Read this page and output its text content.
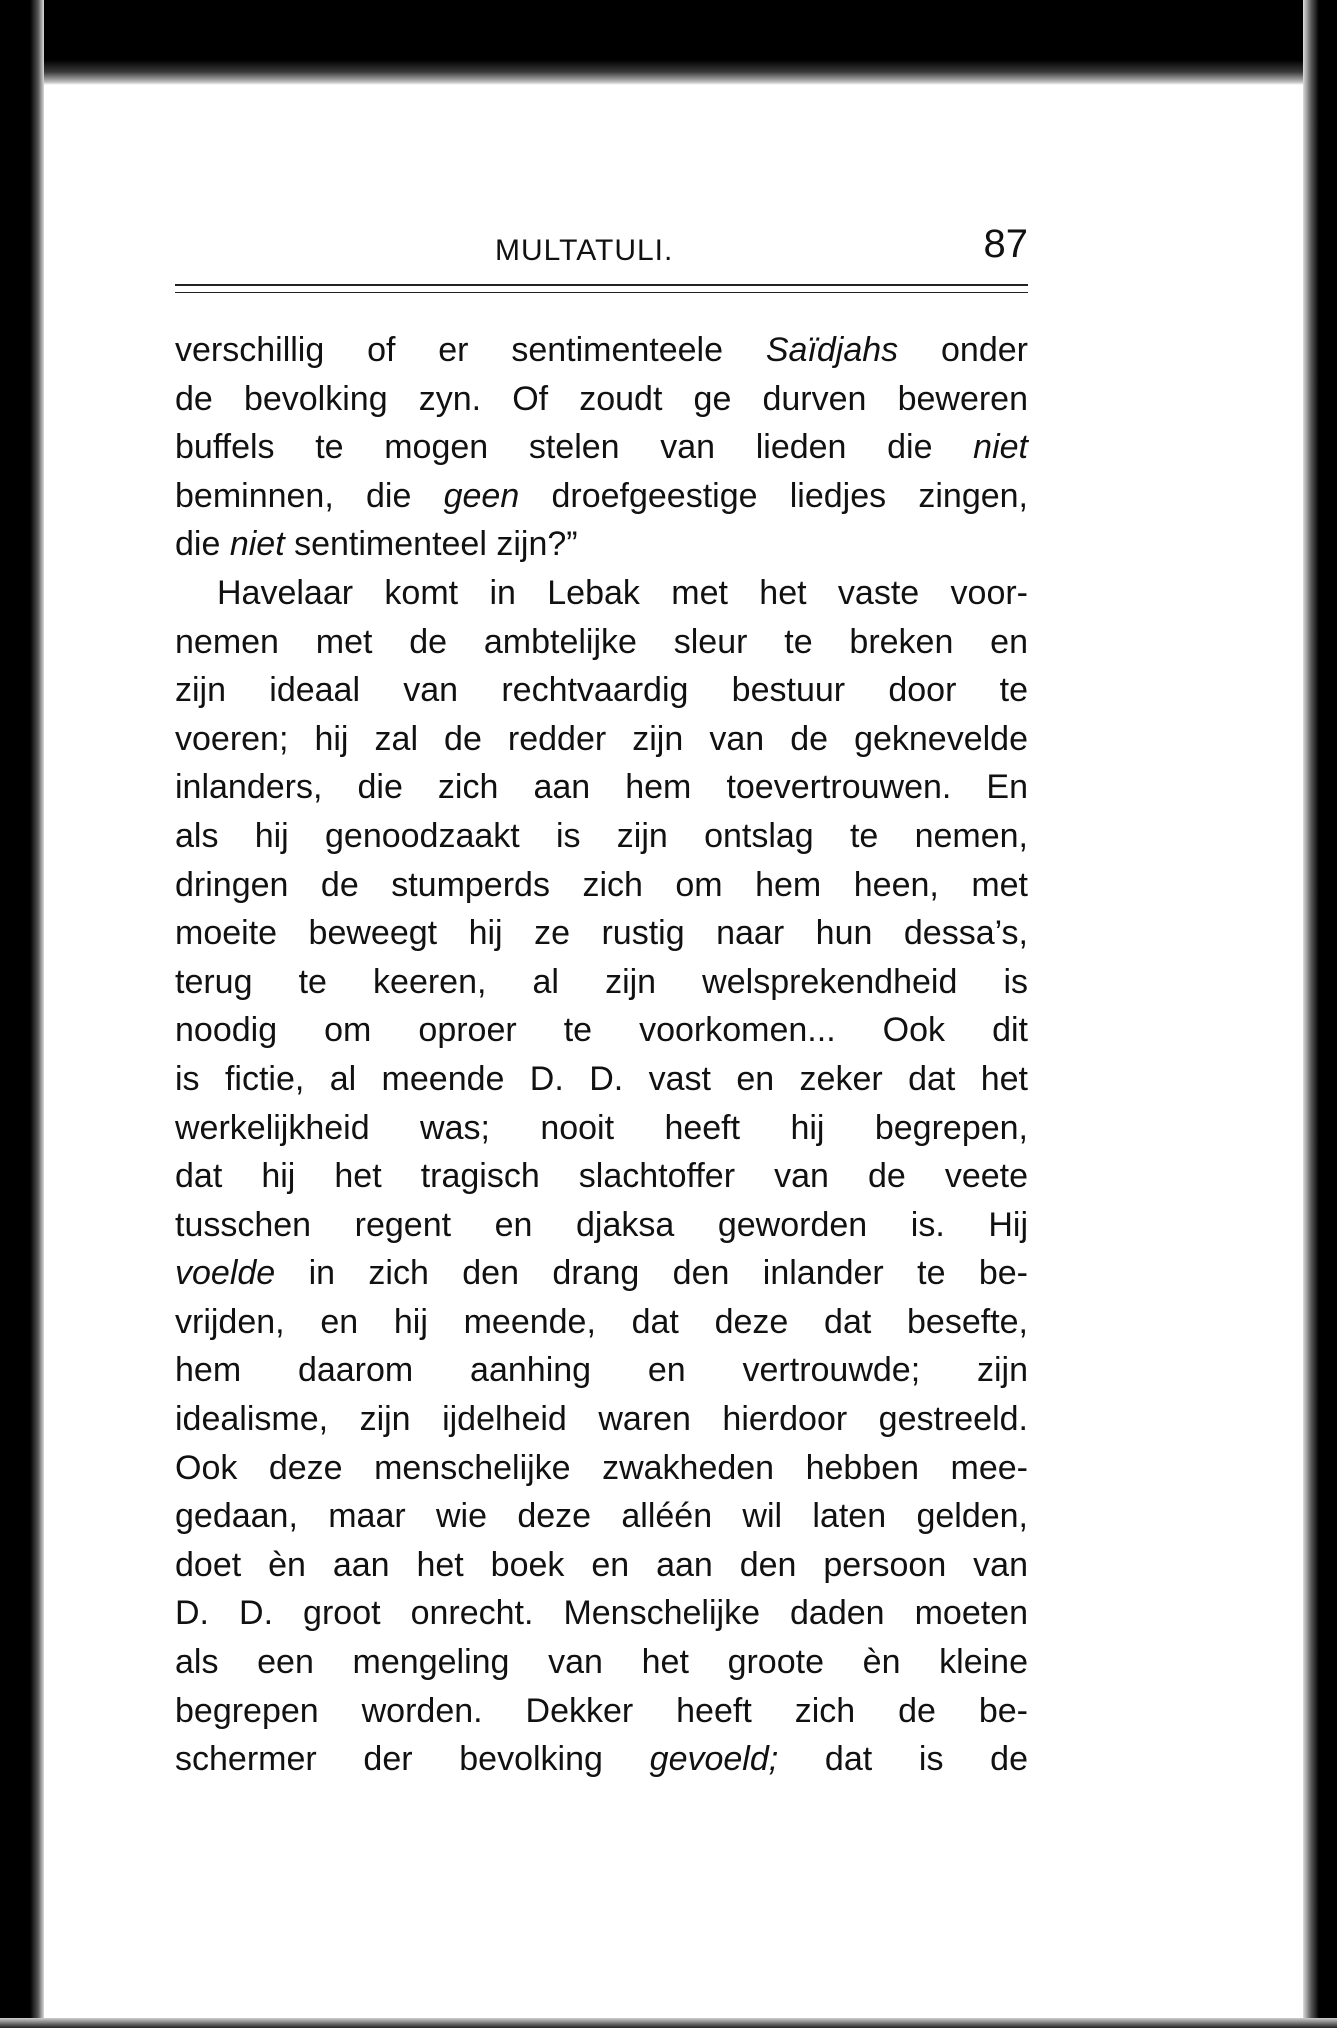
MULTATULI.	87
verschillig of er sentimenteele Saïdjahs onder
de bevolking zyn. Of zoudt ge durven beweren
buffels te mogen stelen van lieden die niet
beminnen, die geen droefgeestige liedjes zingen,
die niet sentimenteel zijn?”
Havelaar komt in Lebak met het vaste voor-
nemen met de ambtelijke sleur te breken en
zijn ideaal van rechtvaardig bestuur door te
voeren; hij zal de redder zijn van de geknevelde
inlanders, die zich aan hem toevertrouwen. En
als hij genoodzaakt is zijn ontslag te nemen,
dringen de stumperds zich om hem heen, met
moeite beweegt hij ze rustig naar hun dessa’s,
terug te keeren, al zijn welsprekendheid is
noodig om oproer te voorkomen... Ook dit
is fictie, al meende D. D. vast en zeker dat het
werkelijkheid was; nooit heeft hij begrepen,
dat hij het tragisch slachtoffer van de veete
tusschen regent en djaksa geworden is. Hij
voelde in zich den drang den inlander te be-
vrijden, en hij meende, dat deze dat besefte,
hem daarom aanhing en vertrouwde; zijn
idealisme, zijn ijdelheid waren hierdoor gestreeld.
Ook deze menschelijke zwakheden hebben mee-
gedaan, maar wie deze alléén wil laten gelden,
doet èn aan het boek en aan den persoon van
D. D. groot onrecht. Menschelijke daden moeten
als een mengeling van het groote èn kleine
begrepen worden. Dekker heeft zich de be-
schermer der bevolking gevoeld; dat is de
